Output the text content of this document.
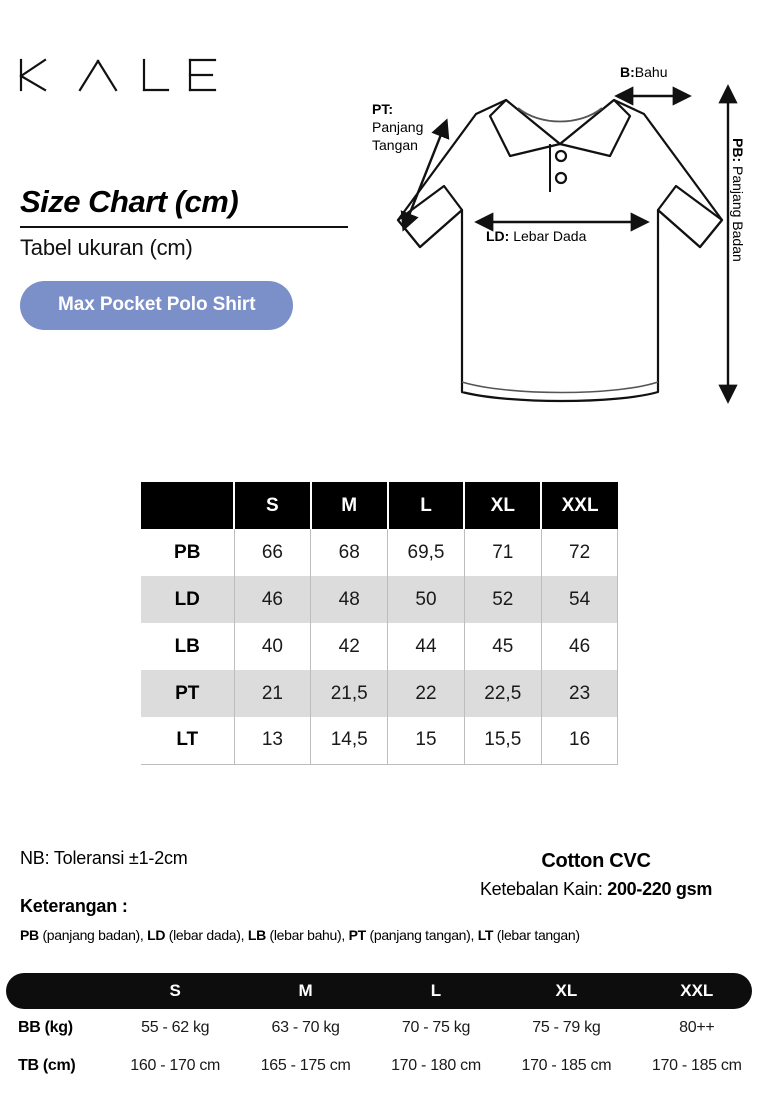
Size Chart (cm)
Tabel ukuran (cm)
Max Pocket Polo Shirt
B:Bahu
PT:
Panjang
Tangan
LD: Lebar Dada
PB: Panjang Badan
	S	M	L	XL	XXL
PB	66	68	69,5	71	72
LD	46	48	50	52	54
LB	40	42	44	45	46
PT	21	21,5	22	22,5	23
LT	13	14,5	15	15,5	16
NB: Toleransi ±1-2cm
Keterangan :
PB (panjang badan), LD (lebar dada), LB (lebar bahu), PT (panjang tangan), LT (lebar tangan)
Cotton CVC
Ketebalan Kain: 200-220 gsm
	S	M	L	XL	XXL
BB (kg)	55 - 62 kg	63 - 70 kg	70 - 75 kg	75 - 79 kg	80++
TB (cm)	160 - 170 cm	165 - 175 cm	170 - 180 cm	170 - 185 cm	170 - 185 cm
